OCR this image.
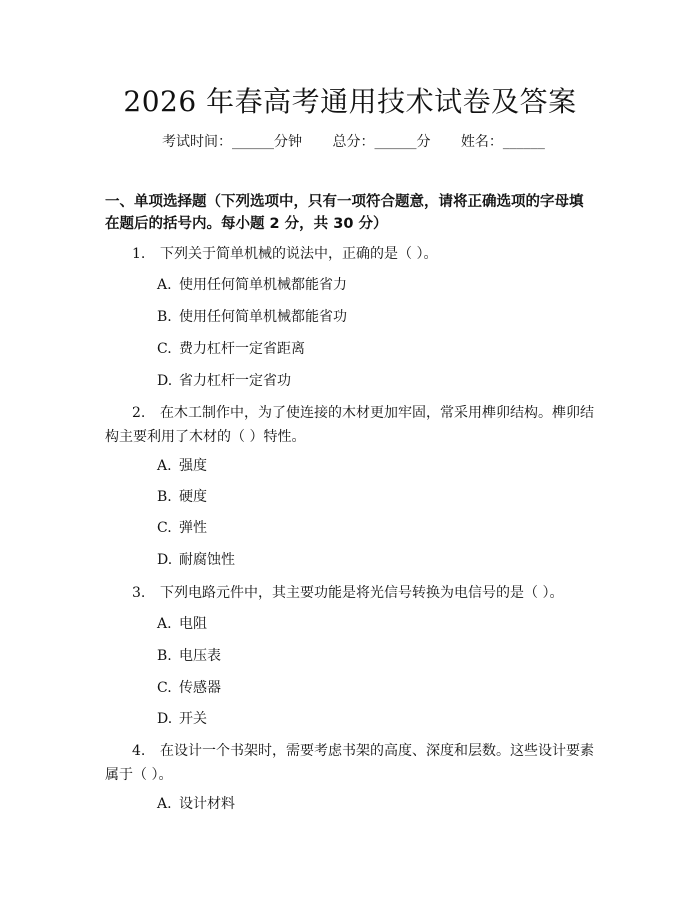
2026 年春高考通用技术试卷及答案
考试时间：______分钟 总分：______分 姓名：______
一、单项选择题（下列选项中，只有一项符合题意，请将正确选项的字母填在题后的括号内。每小题 2 分，共 30 分）
1. 下列关于简单机械的说法中，正确的是（ ）。
A. 使用任何简单机械都能省力
B. 使用任何简单机械都能省功
C. 费力杠杆一定省距离
D. 省力杠杆一定省功
2. 在木工制作中，为了使连接的木材更加牢固，常采用榫卯结构。榫卯结构主要利用了木材的（ ）特性。
A. 强度
B. 硬度
C. 弹性
D. 耐腐蚀性
3. 下列电路元件中，其主要功能是将光信号转换为电信号的是（ ）。
A. 电阻
B. 电压表
C. 传感器
D. 开关
4. 在设计一个书架时，需要考虑书架的高度、深度和层数。这些设计要素属于（ ）。
A. 设计材料
